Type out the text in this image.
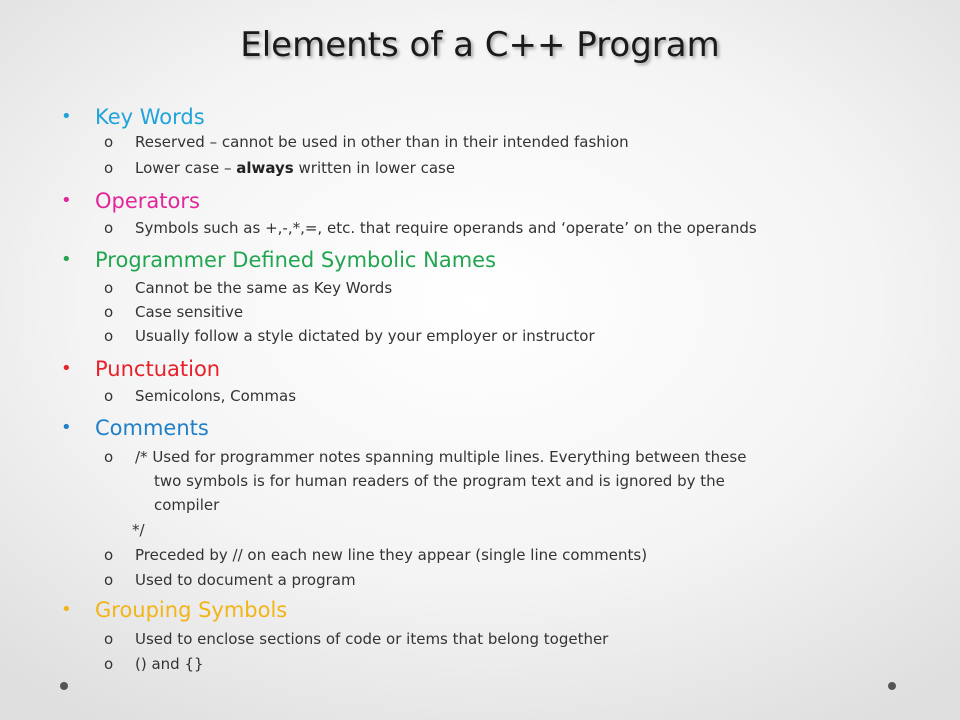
Elements of a C++ Program
• Key Words
o Reserved – cannot be used in other than in their intended fashion
o Lower case – always written in lower case
• Operators
o Symbols such as +,-,*,=, etc. that require operands and ‘operate’ on the operands
• Programmer Defined Symbolic Names
o Cannot be the same as Key Words
o Case sensitive
o Usually follow a style dictated by your employer or instructor
• Punctuation
o Semicolons, Commas
• Comments
o /* Used for programmer notes spanning multiple lines. Everything between these
two symbols is for human readers of the program text and is ignored by the
compiler
*/
o Preceded by // on each new line they appear (single line comments)
o Used to document a program
• Grouping Symbols
o Used to enclose sections of code or items that belong together
o () and {}
